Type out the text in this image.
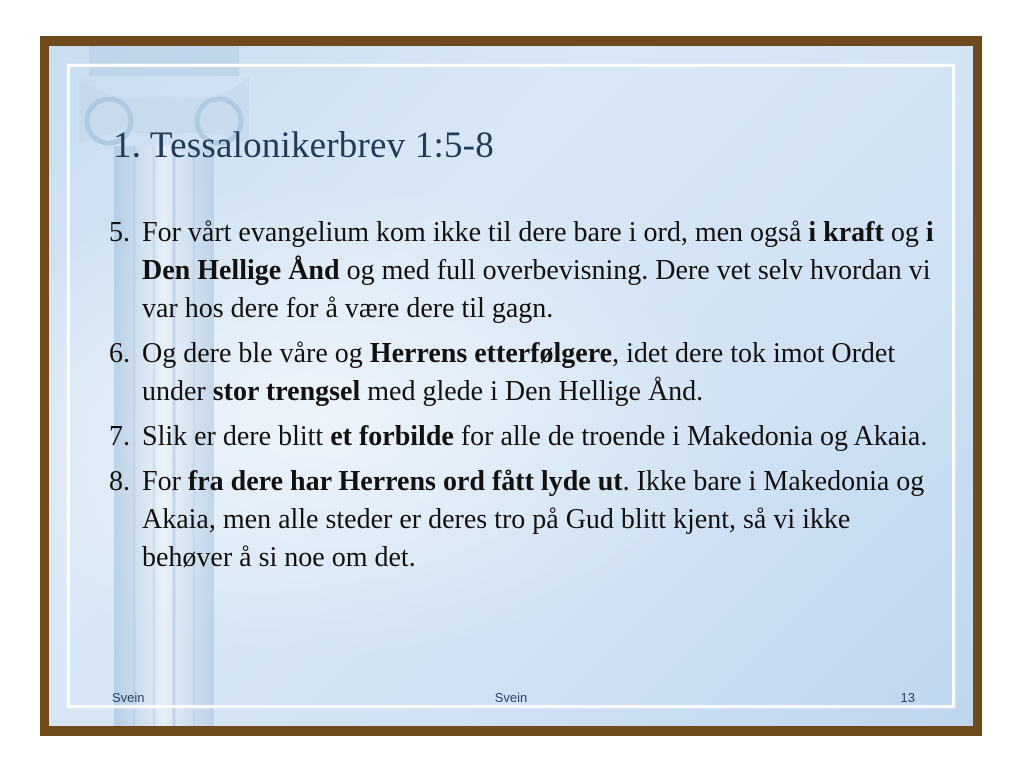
1. Tessalonikerbrev 1:5-8
5. For vårt evangelium kom ikke til dere bare i ord, men også i kraft og i Den Hellige Ånd og med full overbevisning. Dere vet selv hvordan vi var hos dere for å være dere til gagn.
6. Og dere ble våre og Herrens etterfølgere, idet dere tok imot Ordet under stor trengsel med glede i Den Hellige Ånd.
7. Slik er dere blitt et forbilde for alle de troende i Makedonia og Akaia.
8. For fra dere har Herrens ord fått lyde ut. Ikke bare i Makedonia og Akaia, men alle steder er deres tro på Gud blitt kjent, så vi ikke behøver å si noe om det.
Svein	Svein	13
